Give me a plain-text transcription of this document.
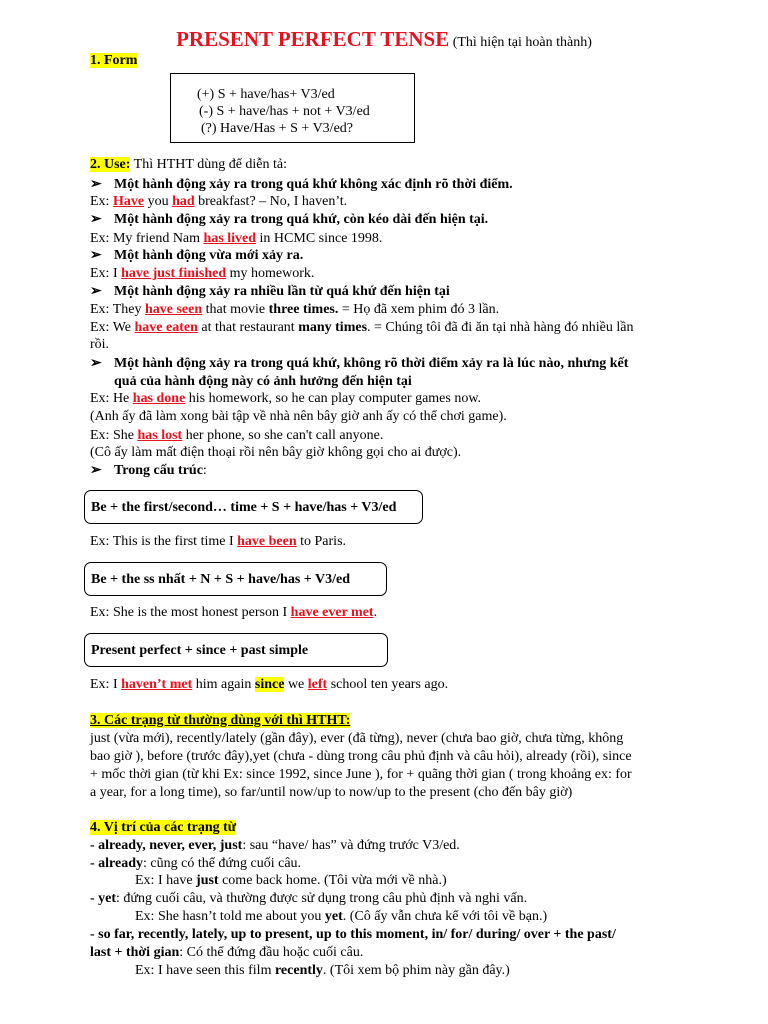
PRESENT PERFECT TENSE (Thì hiện tại hoàn thành)
1. Form
(+) S + have/has+ V3/ed
(-) S + have/has + not + V3/ed
(?) Have/Has + S + V3/ed?
2. Use: Thì HTHT dùng để diễn tả:
➢ Một hành động xảy ra trong quá khứ không xác định rõ thời điểm.
Ex: Have you had breakfast? – No, I haven’t.
➢ Một hành động xảy ra trong quá khứ, còn kéo dài đến hiện tại.
Ex: My friend Nam has lived in HCMC since 1998.
➢ Một hành động vừa mới xảy ra.
Ex: I have just finished my homework.
➢ Một hành động xảy ra nhiều lần từ quá khứ đến hiện tại
Ex: They have seen that movie three times. = Họ đã xem phim đó 3 lần.
Ex: We have eaten at that restaurant many times. = Chúng tôi đã đi ăn tại nhà hàng đó nhiều lần
rồi.
➢ Một hành động xảy ra trong quá khứ, không rõ thời điểm xảy ra là lúc nào, nhưng kết
quả của hành động này có ảnh hưởng đến hiện tại
Ex: He has done his homework, so he can play computer games now.
(Anh ấy đã làm xong bài tập về nhà nên bây giờ anh ấy có thể chơi game).
Ex: She has lost her phone, so she can't call anyone.
(Cô ấy làm mất điện thoại rồi nên bây giờ không gọi cho ai được).
➢ Trong cấu trúc:
Be + the first/second… time + S + have/has + V3/ed
Ex: This is the first time I have been to Paris.
Be + the ss nhất + N + S + have/has + V3/ed
Ex: She is the most honest person I have ever met.
Present perfect + since + past simple
Ex: I haven’t met him again since we left school ten years ago.
3. Các trạng từ thường dùng với thì HTHT:
just (vừa mới), recently/lately (gần đây), ever (đã từng), never (chưa bao giờ, chưa từng, không
bao giờ ), before (trước đây),yet (chưa - dùng trong câu phủ định và câu hỏi), already (rồi), since
+ mốc thời gian (từ khi Ex: since 1992, since June ), for + quãng thời gian ( trong khoảng ex: for
a year, for a long time), so far/until now/up to now/up to the present (cho đến bây giờ)
4. Vị trí của các trạng từ
- already, never, ever, just: sau “have/ has” và đứng trước V3/ed.
- already: cũng có thể đứng cuối câu.
Ex: I have just come back home. (Tôi vừa mới về nhà.)
- yet: đứng cuối câu, và thường được sử dụng trong câu phủ định và nghi vấn.
Ex: She hasn’t told me about you yet. (Cô ấy vẫn chưa kể với tôi về bạn.)
- so far, recently, lately, up to present, up to this moment, in/ for/ during/ over + the past/
last + thời gian: Có thể đứng đầu hoặc cuối câu.
Ex: I have seen this film recently. (Tôi xem bộ phim này gần đây.)
